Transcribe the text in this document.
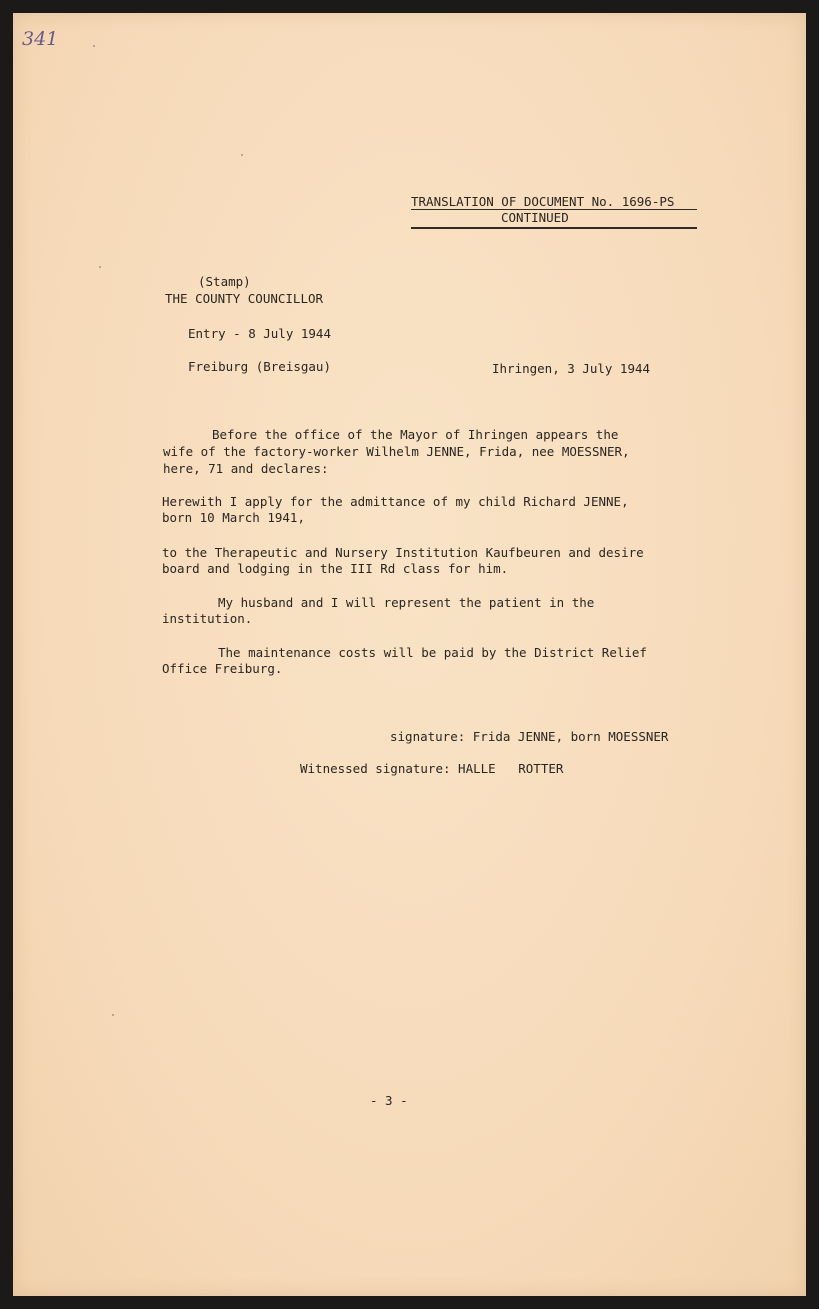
341
TRANSLATION OF DOCUMENT No. 1696-PS
CONTINUED
(Stamp)
THE COUNTY COUNCILLOR
Entry - 8 July 1944
Freiburg (Breisgau)	Ihringen, 3 July 1944
Before the office of the Mayor of Ihringen appears the
wife of the factory-worker Wilhelm JENNE, Frida, nee MOESSNER,
here, 71 and declares:
Herewith I apply for the admittance of my child Richard JENNE,
born 10 March 1941,
to the Therapeutic and Nursery Institution Kaufbeuren and desire
board and lodging in the III Rd class for him.
My husband and I will represent the patient in the
institution.
The maintenance costs will be paid by the District Relief
Office Freiburg.
signature: Frida JENNE, born MOESSNER
Witnessed signature: HALLE   ROTTER
- 3 -
